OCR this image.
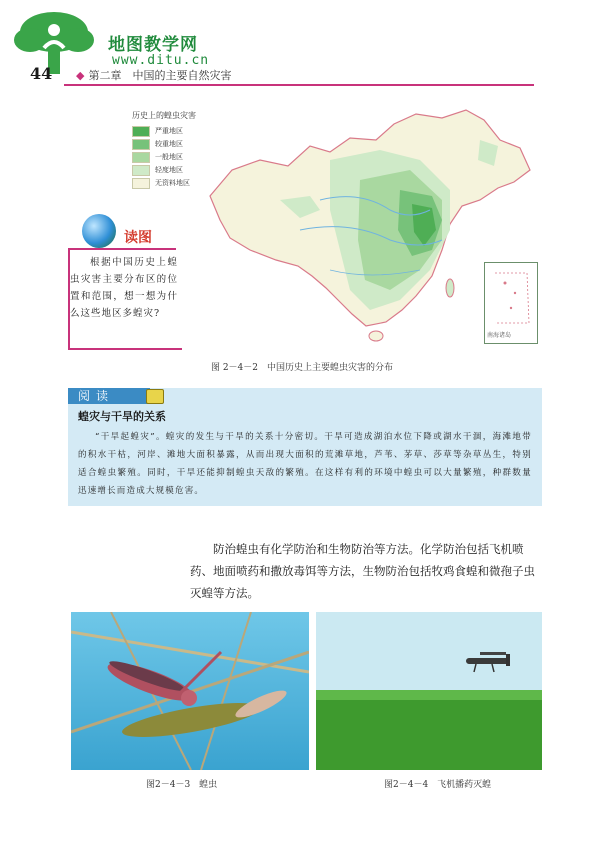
地图教学网
www.ditu.cn
44 ◆ 第二章　中国的主要自然灾害
历史上的蝗虫灾害
严重地区
较重地区
一般地区
轻度地区
无资料地区
南海诸岛
读图
根据中国历史上蝗虫灾害主要分布区的位置和范围，想一想为什么这些地区多蝗灾?
图 2－4－2　中国历史上主要蝗虫灾害的分布
阅读
蝗灾与干旱的关系
“干旱起蝗灾”。蝗灾的发生与干旱的关系十分密切。干旱可造成湖泊水位下降或湖水干涸，海滩地带的积水干枯，河岸、滩地大面积暴露，从而出现大面积的荒滩草地，芦苇、茅草、莎草等杂草丛生，特别适合蝗虫繁殖。同时，干旱还能抑制蝗虫天敌的繁殖。在这样有利的环境中蝗虫可以大量繁殖，种群数量迅速增长而造成大规模危害。
防治蝗虫有化学防治和生物防治等方法。化学防治包括飞机喷药、地面喷药和撒放毒饵等方法，生物防治包括牧鸡食蝗和微孢子虫灭蝗等方法。
图2－4－3　蝗虫	图2－4－4　飞机播药灭蝗
